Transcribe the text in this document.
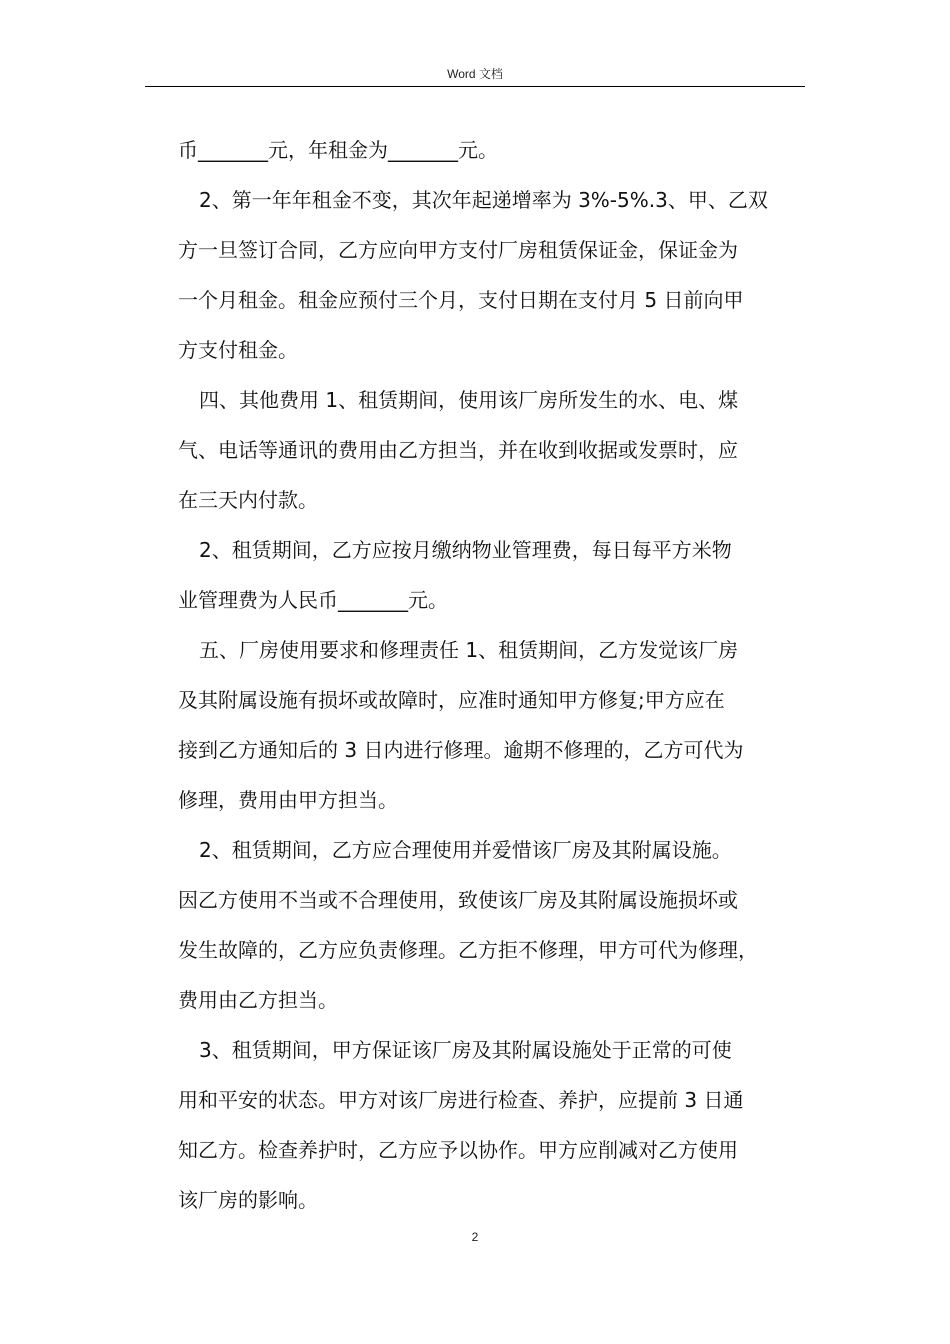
Word 文档
币_______元，年租金为_______元。
2、第一年年租金不变，其次年起递增率为 3%-5%.3、甲、乙双
方一旦签订合同，乙方应向甲方支付厂房租赁保证金，保证金为
一个月租金。租金应预付三个月，支付日期在支付月 5 日前向甲
方支付租金。
四、其他费用 1、租赁期间，使用该厂房所发生的水、电、煤
气、电话等通讯的费用由乙方担当，并在收到收据或发票时，应
在三天内付款。
2、租赁期间，乙方应按月缴纳物业管理费，每日每平方米物
业管理费为人民币_______元。
五、厂房使用要求和修理责任 1、租赁期间，乙方发觉该厂房
及其附属设施有损坏或故障时，应准时通知甲方修复;甲方应在
接到乙方通知后的 3 日内进行修理。逾期不修理的，乙方可代为
修理，费用由甲方担当。
2、租赁期间，乙方应合理使用并爱惜该厂房及其附属设施。
因乙方使用不当或不合理使用，致使该厂房及其附属设施损坏或
发生故障的，乙方应负责修理。乙方拒不修理，甲方可代为修理，
费用由乙方担当。
3、租赁期间，甲方保证该厂房及其附属设施处于正常的可使
用和平安的状态。甲方对该厂房进行检查、养护，应提前 3 日通
知乙方。检查养护时，乙方应予以协作。甲方应削减对乙方使用
该厂房的影响。
2
